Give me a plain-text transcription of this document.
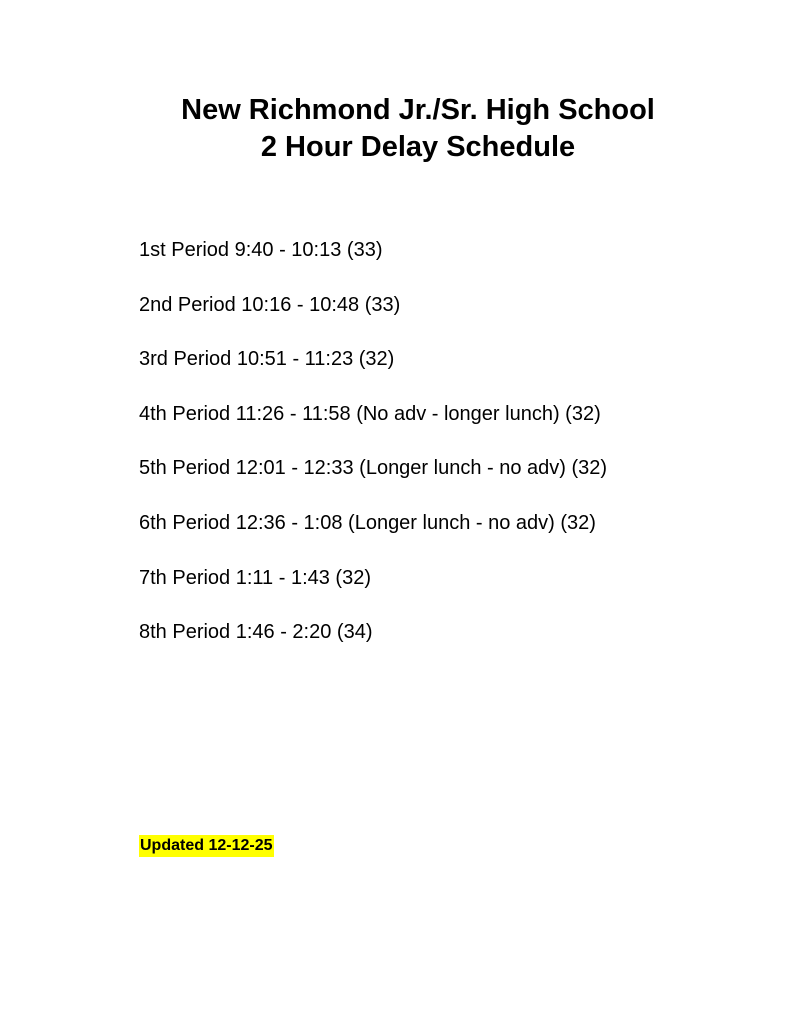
New Richmond Jr./Sr. High School
2 Hour Delay Schedule
1st Period 9:40 - 10:13 (33)
2nd Period 10:16 - 10:48 (33)
3rd Period 10:51 - 11:23 (32)
4th Period 11:26 - 11:58 (No adv - longer lunch) (32)
5th Period 12:01 - 12:33 (Longer lunch - no adv) (32)
6th Period 12:36 - 1:08 (Longer lunch - no adv) (32)
7th Period 1:11 - 1:43 (32)
8th Period 1:46 - 2:20 (34)
Updated 12-12-25
